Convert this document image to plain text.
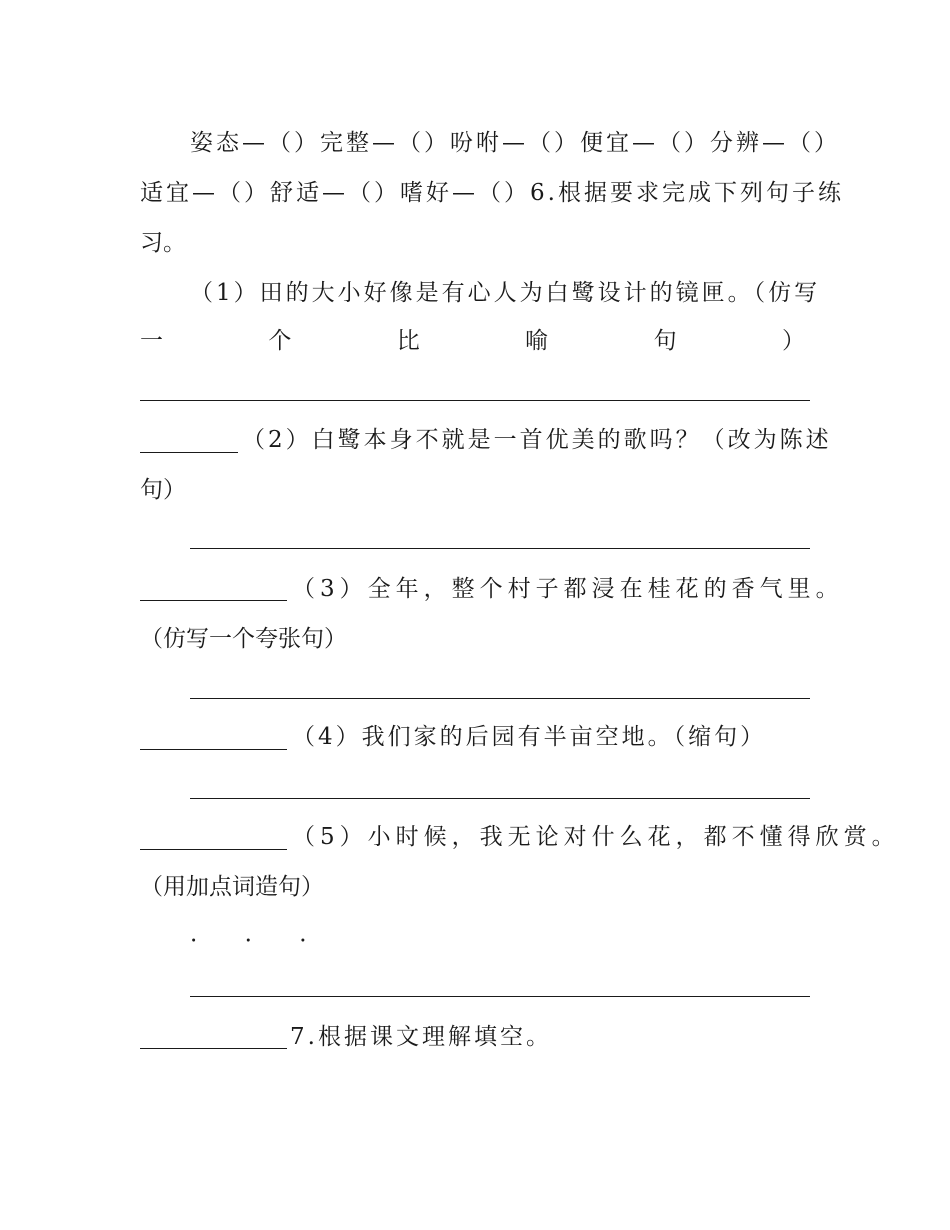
姿态—（）完整—（）吩咐—（）便宜—（）分辨—（）
适宜—（）舒适—（）嗜好—（）6.根据要求完成下列句子练
习。
（1）田的大小好像是有心人为白鹭设计的镜匣。（仿写
一	个	比	喻	句	）
（2）白鹭本身不就是一首优美的歌吗？（改为陈述
句）
（3）全年，整个村子都浸在桂花的香气里。
（仿写一个夸张句）
（4）我们家的后园有半亩空地。（缩句）
（5）小时候，我无论对什么花，都不懂得欣赏。
（用加点词造句）
· · ·
7.根据课文理解填空。
